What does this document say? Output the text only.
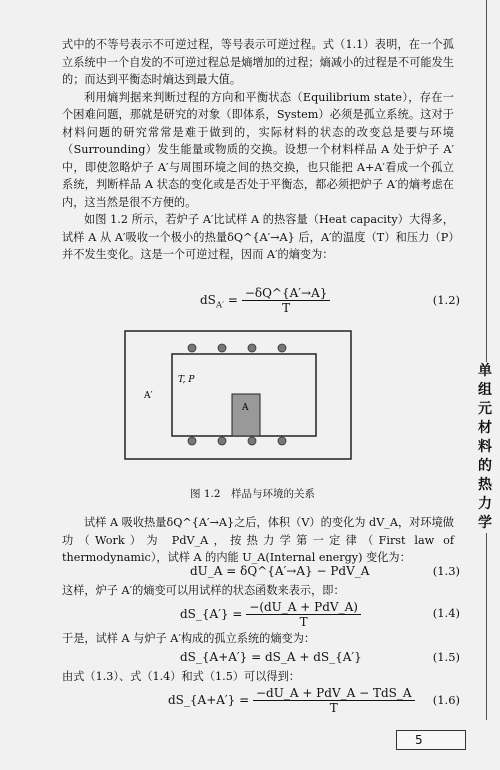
式中的不等号表示不可逆过程，等号表示可逆过程。式（1.1）表明，在一个孤立系统中一个自发的不可逆过程总是熵增加的过程；熵减小的过程是不可能发生的；而达到平衡态时熵达到最大值。

利用熵判据来判断过程的方向和平衡状态（Equilibrium state），存在一个困难问题，那就是研究的对象（即体系，System）必须是孤立系统。这对于材料问题的研究常常是难于做到的，实际材料的状态的改变总是要与环境（Surrounding）发生能量或物质的交换。设想一个材料样品 A 处于炉子 A′中，即使忽略炉子 A′与周围环境之间的热交换，也只能把 A+A′看成一个孤立系统，判断样品 A 状态的变化或是否处于平衡态，都必须把炉子 A′的熵考虑在内，这当然是很不方便的。

如图 1.2 所示，若炉子 A′比试样 A 的热容量（Heat capacity）大得多，试样 A 从 A′吸收一个极小的热量δQ^{A′→A} 后，A′的温度（T）和压力（P）并不发生变化。这是一个可逆过程，因而 A′的熵变为：

$dS_{A'} = \frac{-\delta Q\^{}\{A'\to A\}}{T}$	(1.2)
T, P
A′
A
图 1.2　样品与环境的关系

试样 A 吸收热量δQ^{A′→A}之后，体积（V）的变化为 dV_A，对环境做功（Work）为 PdV_A，按热力学第一定律（First law of thermodynamic），试样 A 的内能 U_A(Internal energy) 变化为：

dU_A = δQ^{A′→A} − PdV_A	(1.3)

这样，炉子 A′的熵变可以用试样的状态函数来表示，即：

dS_{A′} = $\frac{\text{−(dU\_A + PdV\_A)}}{T}$	(1.4)

于是，试样 A 与炉子 A′构成的孤立系统的熵变为：

dS_{A+A′} = dS_A + dS_{A′}	(1.5)

由式（1.3）、式（1.4）和式（1.5）可以得到：

dS_{A+A′} = $\frac{\text{−dU\_A + PdV\_A − TdS\_A}}{T} (1.6)$
单组元材料的热力学
5
